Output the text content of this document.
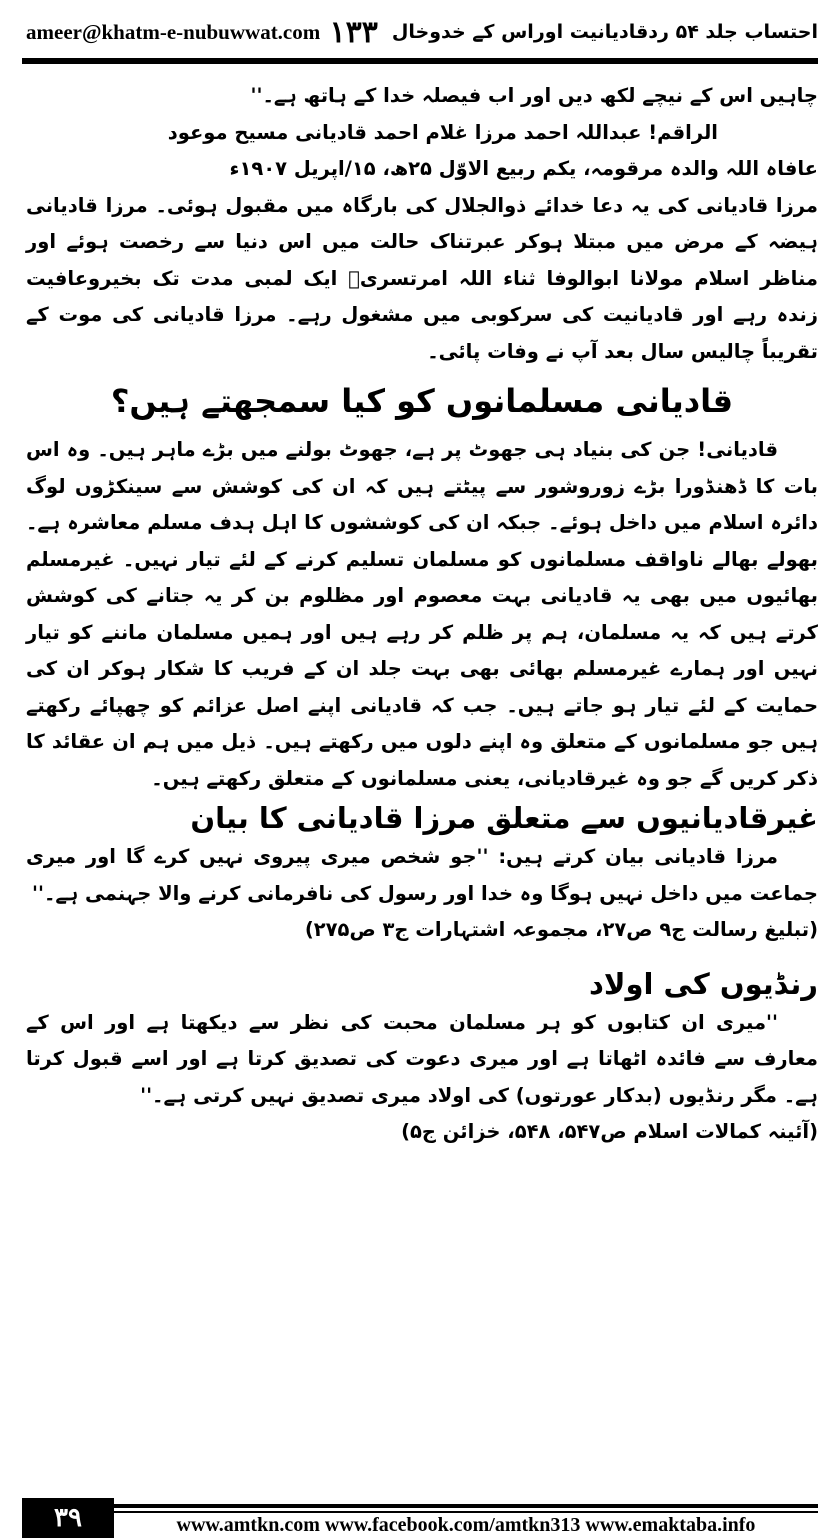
ameer@khatm-e-nubuwwat.com	احتساب جلد ۵۴ ردقادیانیت اوراس کے خدوخال
۱۳۳

چاہیں اس کے نیچے لکھ دیں اور اب فیصلہ خدا کے ہاتھ ہے۔''

الراقم! عبداللہ احمد مرزا غلام احمد قادیانی مسیح موعود

عافاہ اللہ والدہ مرقومہ، یکم ربیع الاوّل ۲۵ھ، ۱۵/اپریل ۱۹۰۷ء

مرزا قادیانی کی یہ دعا خدائے ذوالجلال کی بارگاہ میں مقبول ہوئی۔ مرزا قادیانی ہیضہ کے مرض میں مبتلا ہوکر عبرتناک حالت میں اس دنیا سے رخصت ہوئے اور مناظر اسلام مولانا ابوالوفا ثناء اللہ امرتسریؒ ایک لمبی مدت تک بخیروعافیت زندہ رہے اور قادیانیت کی سرکوبی میں مشغول رہے۔ مرزا قادیانی کی موت کے تقریباً چالیس سال بعد آپ نے وفات پائی۔

قادیانی مسلمانوں کو کیا سمجھتے ہیں؟

قادیانی! جن کی بنیاد ہی جھوٹ پر ہے، جھوٹ بولنے میں بڑے ماہر ہیں۔ وہ اس بات کا ڈھنڈورا بڑے زوروشور سے پیٹتے ہیں کہ ان کی کوشش سے سینکڑوں لوگ دائرہ اسلام میں داخل ہوئے۔ جبکہ ان کی کوششوں کا اہل ہدف مسلم معاشرہ ہے۔ بھولے بھالے ناواقف مسلمانوں کو مسلمان تسلیم کرنے کے لئے تیار نہیں۔ غیرمسلم بھائیوں میں بھی یہ قادیانی بہت معصوم اور مظلوم بن کر یہ جتانے کی کوشش کرتے ہیں کہ یہ مسلمان، ہم پر ظلم کر رہے ہیں اور ہمیں مسلمان ماننے کو تیار نہیں اور ہمارے غیرمسلم بھائی بھی بہت جلد ان کے فریب کا شکار ہوکر ان کی حمایت کے لئے تیار ہو جاتے ہیں۔ جب کہ قادیانی اپنے اصل عزائم کو چھپائے رکھتے ہیں جو مسلمانوں کے متعلق وہ اپنے دلوں میں رکھتے ہیں۔ ذیل میں ہم ان عقائد کا ذکر کریں گے جو وہ غیرقادیانی، یعنی مسلمانوں کے متعلق رکھتے ہیں۔

غیرقادیانیوں سے متعلق مرزا قادیانی کا بیان

مرزا قادیانی بیان کرتے ہیں: ''جو شخص میری پیروی نہیں کرے گا اور میری جماعت میں داخل نہیں ہوگا وہ خدا اور رسول کی نافرمانی کرنے والا جہنمی ہے۔''

(تبلیغ رسالت ج۹ ص۲۷، مجموعہ اشتہارات ج۳ ص۲۷۵)

رنڈیوں کی اولاد

''میری ان کتابوں کو ہر مسلمان محبت کی نظر سے دیکھتا ہے اور اس کے معارف سے فائدہ اٹھاتا ہے اور میری دعوت کی تصدیق کرتا ہے اور اسے قبول کرتا ہے۔ مگر رنڈیوں (بدکار عورتوں) کی اولاد میری تصدیق نہیں کرتی ہے۔''

(آئینہ کمالات اسلام ص۵۴۷، ۵۴۸، خزائن ج۵)

۳۹	www.amtkn.com www.facebook.com/amtkn313 www.emaktaba.info
